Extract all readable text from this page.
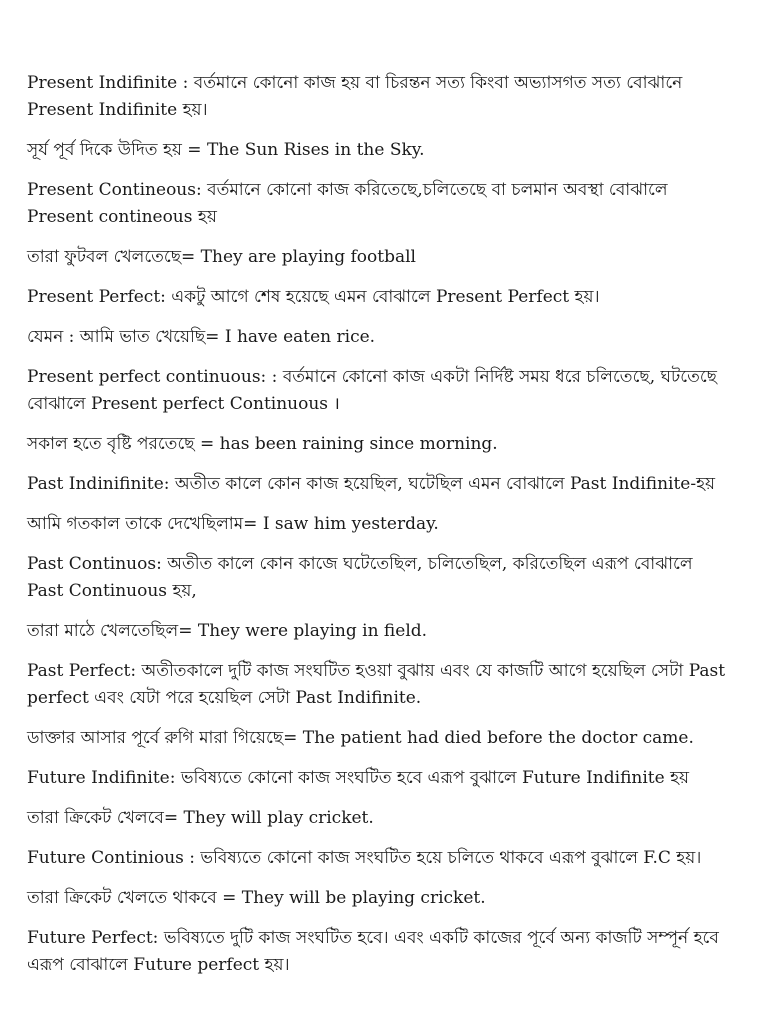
Present Indifinite : বর্তমানে কোনো কাজ হয় বা চিরন্তন সত্য কিংবা অভ্যাসগত সত্য বোঝানে Present Indifinite হয়।

সূর্য পূর্ব দিকে উদিত হয় = The Sun Rises in the Sky.

Present Contineous: বর্তমানে কোনো কাজ করিতেছে,চলিতেছে বা চলমান অবস্থা বোঝালে Present contineous হয়

তারা ফুটবল খেলতেছে= They are playing football

Present Perfect: একটু আগে শেষ হয়েছে এমন বোঝালে Present Perfect হয়।

যেমন : আমি ভাত খেয়েছি= I have eaten rice.

Present perfect continuous: : বর্তমানে কোনো কাজ একটা নির্দিষ্ট সময় ধরে চলিতেছে, ঘটতেছে বোঝালে Present perfect Continuous ।

সকাল হতে বৃষ্টি পরতেছে = has been raining since morning.

Past Indinifinite: অতীত কালে কোন কাজ হয়েছিল, ঘটেছিল এমন বোঝালে Past Indifinite-হয়

আমি গতকাল তাকে দেখেছিলাম= I saw him yesterday.

Past Continuos: অতীত কালে কোন কাজে ঘটেতেছিল, চলিতেছিল, করিতেছিল এরূপ বোঝালে Past Continuous হয়,

তারা মাঠে খেলতেছিল= They were playing in field.

Past Perfect: অতীতকালে দুটি কাজ সংঘটিত হওয়া বুঝায় এবং যে কাজটি আগে হয়েছিল সেটা Past perfect এবং যেটা পরে হয়েছিল সেটা Past Indifinite.

ডাক্তার আসার পূর্বে রুগি মারা গিয়েছে= The patient had died before the doctor came.

Future Indifinite: ভবিষ্যতে কোনো কাজ সংঘটিত হবে এরূপ বুঝালে Future Indifinite হয়

তারা ক্রিকেট খেলবে= They will play cricket.

Future Continious : ভবিষ্যতে কোনো কাজ সংঘটিত হয়ে চলিতে থাকবে এরূপ বুঝালে F.C হয়।

তারা ক্রিকেট খেলতে থাকবে = They will be playing cricket.

Future Perfect: ভবিষ্যতে দুটি কাজ সংঘটিত হবে। এবং একটি কাজের পূর্বে অন্য কাজটি সম্পূর্ন হবে এরূপ বোঝালে Future perfect হয়।
